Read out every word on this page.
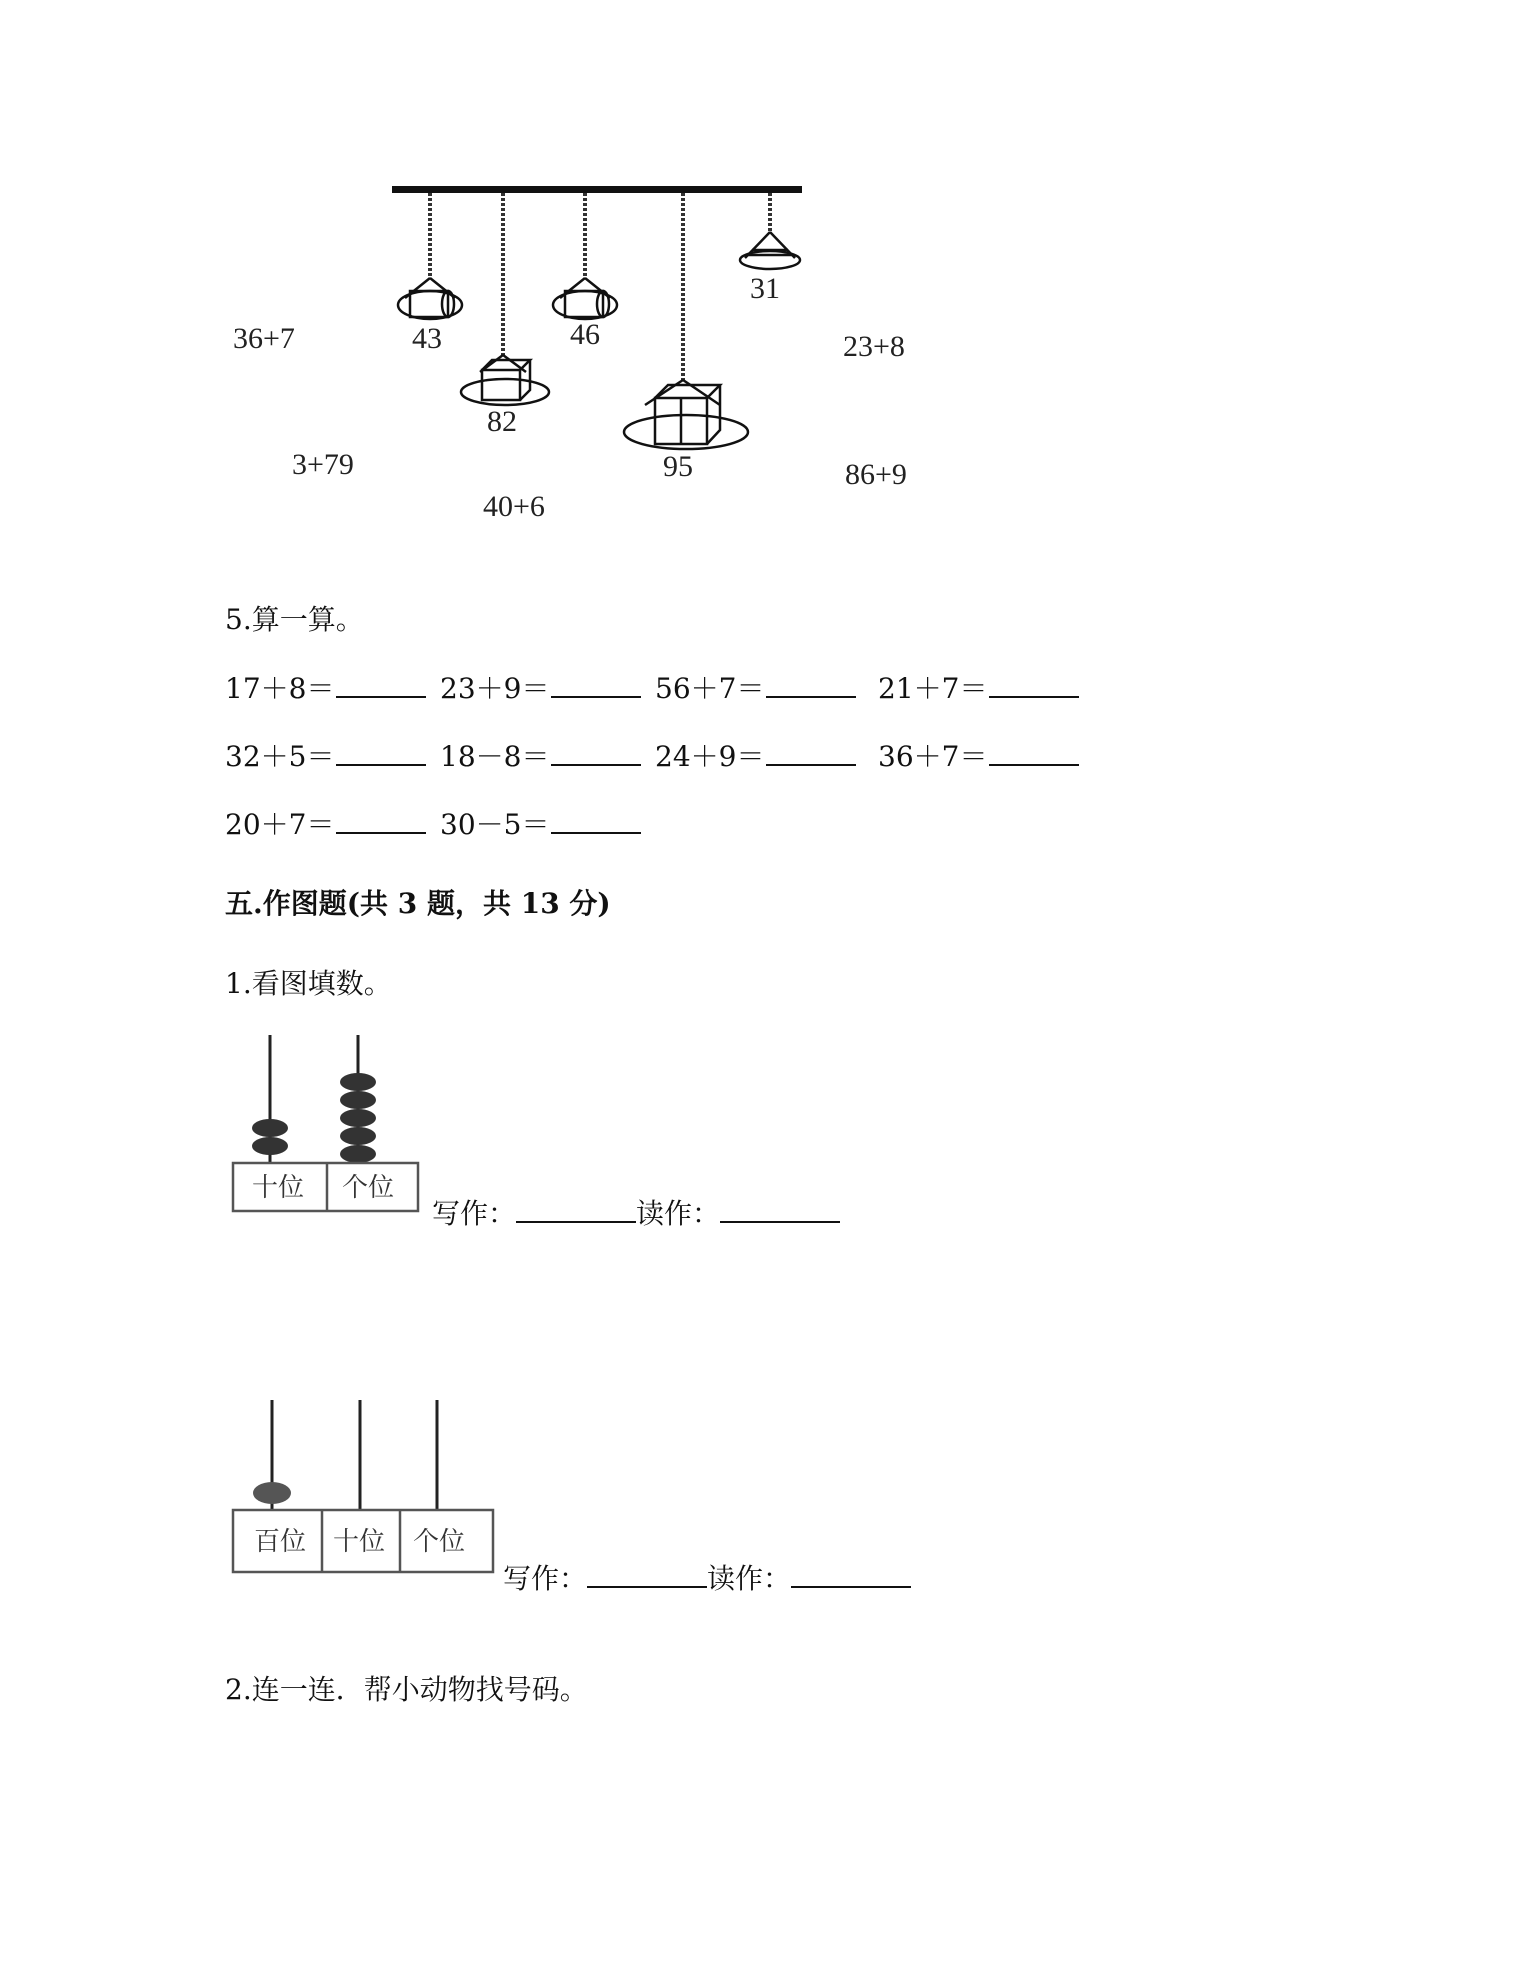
43	46
31
82
95
36+7	23+8
3+79
40+6
86+9
5.算一算。
17＋8＝	23＋9＝	56＋7＝	21＋7＝
32＋5＝	18－8＝	24＋9＝	36＋7＝
20＋7＝	30－5＝
五.作图题(共 3 题，共 13 分)
1.看图填数。
十位 个位
百位 十位 个位
写作：	读作：
写作：	读作：
2.连一连．帮小动物找号码。
